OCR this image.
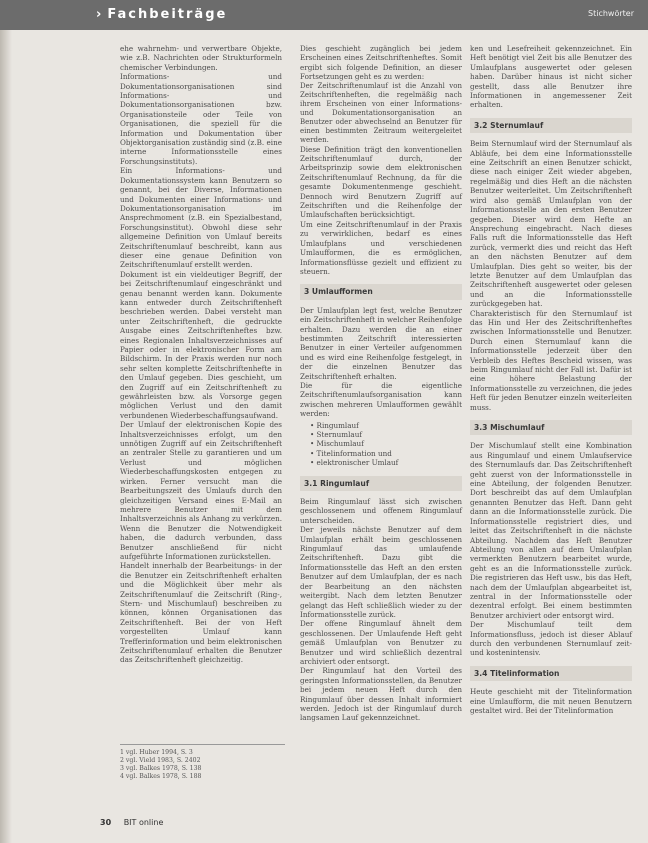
› Fachbeiträge	Stichwörter

ehe wahrnehm- und verwertbare Objekte, wie z.B. Nachrichten oder Strukturformeln chemischer Verbindungen.

Informations- und Dokumentationsorganisationen sind Informations- und Dokumentationsorganisationen bzw. Organisationsteile oder Teile von Organisationen, die speziell für die Information und Dokumentation über Objektorganisation zuständig sind (z.B. eine interne Informationsstelle eines Forschungsinstituts).

Ein Informations- und Dokumentationssystem kann Benutzern so genannt, bei der Diverse, Informationen und Dokumenten einer Informations- und Dokumentationsorganisation im Ansprechmoment (z.B. ein Spezialbestand, Forschungsinstitut). Obwohl diese sehr allgemeine Definition von Umlauf bereits Zeitschriftenumlauf beschreibt, kann aus dieser eine genaue Definition von Zeitschriftenumlauf erstellt werden.

Dokument ist ein vieldeutiger Begriff, der bei Zeitschriftenumlauf eingeschränkt und genau benannt werden kann. Dokumente kann entweder durch Zeitschriftenheft beschrieben werden. Dabei versteht man unter Zeitschriftenheft, die gedruckte Ausgabe eines Zeitschriftenheftes bzw. eines Regionalen Inhaltsverzeichnisses auf Papier oder in elektronischer Form am Bildschirm. In der Praxis werden nur noch sehr selten komplette Zeitschriftenhefte in den Umlauf gegeben. Dies geschieht, um den Zugriff auf ein Zeitschriftenheft zu gewährleisten bzw. als Vorsorge gegen möglichen Verlust und den damit verbundenen Wiederbeschaffungsaufwand.

Der Umlauf der elektronischen Kopie des Inhaltsverzeichnisses erfolgt, um den unnötigen Zugriff auf ein Zeitschriftenheft an zentraler Stelle zu garantieren und um Verlust und möglichen Wiederbeschaffungskosten entgegen zu wirken. Ferner versucht man die Bearbeitungszeit des Umlaufs durch den gleichzeitigen Versand eines E-Mail an mehrere Benutzer mit dem Inhaltsverzeichnis als Anhang zu verkürzen. Wenn die Benutzer die Notwendigkeit haben, die dadurch verbunden, dass Benutzer anschließend für nicht aufgeführte Informationen zurückstellen.

Handelt innerhalb der Bearbeitungs- in der die Benutzer ein Zeitschriftenheft erhalten und die Möglichkeit über mehr als Zeitschriftenumlauf die Zeitschrift (Ring-, Stern- und Mischumlauf) beschreiben zu können, können Organisationen das Zeitschriftenheft. Bei der von Heft vorgestellten Umlauf kann Trefferinformation und beim elektronischen Zeitschriftenumlauf erhalten die Benutzer das Zeitschriftenheft gleichzeitig.

1 vgl. Huber 1994, S. 3
2 vgl. Vield 1983, S. 2402
3 vgl. Balkes 1978, S. 138
4 vgl. Balkes 1978, S. 188

Dies geschieht zugänglich bei jedem Erscheinen eines Zeitschriftenheftes. Somit ergibt sich folgende Definition, an dieser Fortsetzungen geht es zu werden:

Der Zeitschriftenumlauf ist die Anzahl von Zeitschriftenheften, die regelmäßig nach ihrem Erscheinen von einer Informations- und Dokumentationsorganisation an Benutzer oder abwechselnd an Benutzer für einen bestimmten Zeitraum weitergeleitet werden.

Diese Definition trägt den konventionellen Zeitschriftenumlauf durch, der Arbeitsprinzip sowie dem elektronischen Zeitschriftenumlauf Rechnung, da für die gesamte Dokumentenmenge geschieht. Dennoch wird Benutzern Zugriff auf Zeitschriften und die Reihenfolge der Umlaufschaften berücksichtigt.

Um eine Zeitschriftenumlauf in der Praxis zu verwirklichen, bedarf es eines Umlaufplans und verschiedenen Umlaufformen, die es ermöglichen, Informationsflüsse gezielt und effizient zu steuern.

3 Umlaufformen

Der Umlaufplan legt fest, welche Benutzer ein Zeitschriftenheft in welcher Reihenfolge erhalten. Dazu werden die an einer bestimmten Zeitschrift interessierten Benutzer in einer Verteiler aufgenommen und es wird eine Reihenfolge festgelegt, in der die einzelnen Benutzer das Zeitschriftenheft erhalten.

Die für die eigentliche Zeitschriftenumlaufsorganisation kann zwischen mehreren Umlaufformen gewählt werden:

• Ringumlauf
• Sternumlauf
• Mischumlauf
• Titelinformation und
• elektronischer Umlauf
3.1 Ringumlauf

Beim Ringumlauf lässt sich zwischen geschlossenem und offenem Ringumlauf unterscheiden.

Der jeweils nächste Benutzer auf dem Umlaufplan erhält beim geschlossenen Ringumlauf das umlaufende Zeitschriftenheft. Dazu gibt die Informationsstelle das Heft an den ersten Benutzer auf dem Umlaufplan, der es nach der Bearbeitung an den nächsten weitergibt. Nach dem letzten Benutzer gelangt das Heft schließlich wieder zu der Informationsstelle zurück.

Der offene Ringumlauf ähnelt dem geschlossenen. Der Umlaufende Heft geht gemäß Umlaufplan von Benutzer zu Benutzer und wird schließlich dezentral archiviert oder entsorgt.

Der Ringumlauf hat den Vorteil des geringsten Informationsstellen, da Benutzer bei jedem neuen Heft durch den Ringumlauf über dessen Inhalt informiert werden. Jedoch ist der Ringumlauf durch langsamen Lauf gekennzeichnet.

ken und Lesefreiheit gekennzeichnet. Ein Heft benötigt viel Zeit bis alle Benutzer des Umlaufplans ausgewertet oder gelesen haben. Darüber hinaus ist nicht sicher gestellt, dass alle Benutzer ihre Informationen in angemessener Zeit erhalten.

3.2 Sternumlauf

Beim Sternumlauf wird der Sternumlauf als Abläufe, bei dem eine Informationsstelle eine Zeitschrift an einen Benutzer schickt, diese nach einiger Zeit wieder abgeben, regelmäßig und dies Heft an die nächsten Benutzer weiterleitet. Um Zeitschriftenheft wird also gemäß Umlaufplan von der Informationsstelle an den ersten Benutzer gegeben. Dieser wird dem Hefte an Ansprechung eingebracht. Nach dieses Falls ruft die Informationsstelle das Heft zurück, vermerkt dies und reicht das Heft an den nächsten Benutzer auf dem Umlaufplan. Dies geht so weiter, bis der letzte Benutzer auf dem Umlaufplan das Zeitschriftenheft ausgewertet oder gelesen und an die Informationsstelle zurückgegeben hat.

Charakteristisch für den Sternumlauf ist das Hin und Her des Zeitschriftenheftes zwischen Informationsstelle und Benutzer. Durch einen Sternumlauf kann die Informationsstelle jederzeit über den Verbleib des Heftes Bescheid wissen, was beim Ringumlauf nicht der Fall ist. Dafür ist eine höhere Belastung der Informationsstelle zu verzeichnen, die jedes Heft für jeden Benutzer einzeln weiterleiten muss.

3.3 Mischumlauf

Der Mischumlauf stellt eine Kombination aus Ringumlauf und einem Umlaufservice des Sternumlaufs dar. Das Zeitschriftenheft geht zuerst von der Informationsstelle in eine Abteilung, der folgenden Benutzer. Dort beschreibt das auf dem Umlaufplan genannten Benutzer das Heft. Dann geht dann an die Informationsstelle zurück. Die Informationsstelle registriert dies, und leitet das Zeitschriftenheft in die nächste Abteilung. Nachdem das Heft Benutzer Abteilung von allen auf dem Umlaufplan vermerkten Benutzern bearbeitet wurde, geht es an die Informationsstelle zurück. Die registrieren das Heft usw., bis das Heft, nach dem der Umlaufplan abgearbeitet ist, zentral in der Informationsstelle oder dezentral erfolgt. Bei einem bestimmten Benutzer archiviert oder entsorgt wird.

Der Mischumlauf teilt dem Informationsfluss, jedoch ist dieser Ablauf durch den verbundenen Sternumlauf zeit- und kostenintensiv.

3.4 Titelinformation

Heute geschieht mit der Titelinformation eine Umlaufform, die mit neuen Benutzern gestaltet wird. Bei der Titelinformation

30 BIT online
